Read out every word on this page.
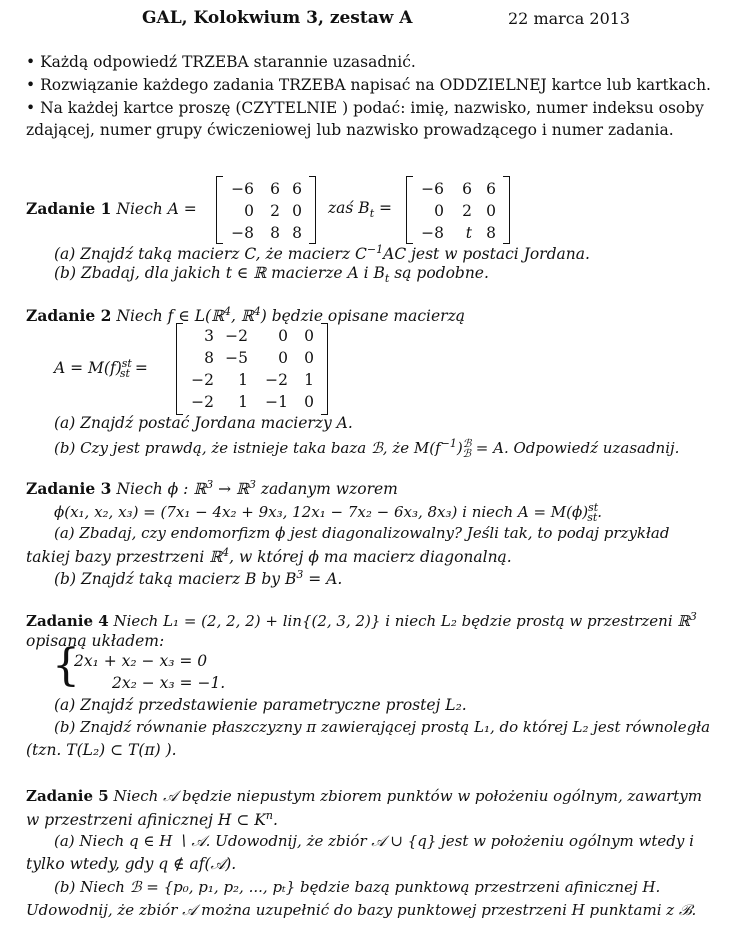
GAL, Kolokwium 3, zestaw A	22 marca 2013
• Każdą odpowiedź TRZEBA starannie uzasadnić.
• Rozwiązanie każdego zadania TRZEBA napisać na ODDZIELNEJ kartce lub kartkach.
• Na każdej kartce proszę (CZYTELNIE ) podać: imię, nazwisko, numer indeksu osoby
zdającej, numer grupy ćwiczeniowej lub nazwisko prowadzącego i numer zadania.
Zadanie 1 Niech A =
−6	6 6
0	2 0
−8	8 8
zaś $B_t$ =
−6	6 6
0	2 0
−8	t 8
(a) Znajdź taką macierz C, że macierz $C^{-1}AC$ jest w postaci Jordana.
(b) Zbadaj, dla jakich t ∈ ℝ macierze A i $B_t$ są podobne.
Zadanie 2 Niech f ∈ L(ℝ$^4$, ℝ$^4$) będzie opisane macierzą
$A = M(f)^{st}_{st}$ =
3 −2	0	0
8 −5	0	0
−2	1	−2	1
−2	1	−1	0
(a) Znajdź postać Jordana macierzy A.
(b) Czy jest prawdą, że istnieje taka baza ℬ, że $M(f^{-1})^ℬ_ℬ = A$. Odpowiedź uzasadnij.
Zadanie 3 Niech ϕ : ℝ$^3$ → ℝ$^3$ zadanym wzorem
ϕ(x₁, x₂, x₃) = (7x₁ − 4x₂ + 9x₃, 12x₁ − 7x₂ − 6x₃, 8x₃) i niech $A = M(\phi)^{st}_{st}$.
(a) Zbadaj, czy endomorfizm ϕ jest diagonalizowalny? Jeśli tak, to podaj przykład
takiej bazy przestrzeni ℝ$^4$, w której ϕ ma macierz diagonalną.
(b) Znajdź taką macierz B by $B^3 = A$.
Zadanie 4 Niech L₁ = (2, 2, 2) + lin{(2, 3, 2)} i niech L₂ będzie prostą w przestrzeni ℝ$^3$
opisaną układem:
{
2x₁ + x₂ − x₃ = 0
2x₂ − x₃ = −1.
(a) Znajdź przedstawienie parametryczne prostej L₂.
(b) Znajdź równanie płaszczyzny π zawierającej prostą L₁, do której L₂ jest równoległa
(tzn. T(L₂) ⊂ T(π) ).
Zadanie 5 Niech 𝒜 będzie niepustym zbiorem punktów w położeniu ogólnym, zawartym
w przestrzeni afinicznej H ⊂ $K^n$.
(a) Niech q ∈ H ∖ 𝒜. Udowodnij, że zbiór 𝒜 ∪ {q} jest w położeniu ogólnym wtedy i
tylko wtedy, gdy q ∉ af(𝒜).
(b) Niech ℬ = {p₀, p₁, p₂, ..., pₜ} będzie bazą punktową przestrzeni afinicznej H.
Udowodnij, że zbiór 𝒜 można uzupełnić do bazy punktowej przestrzeni H punktami z ℬ.
